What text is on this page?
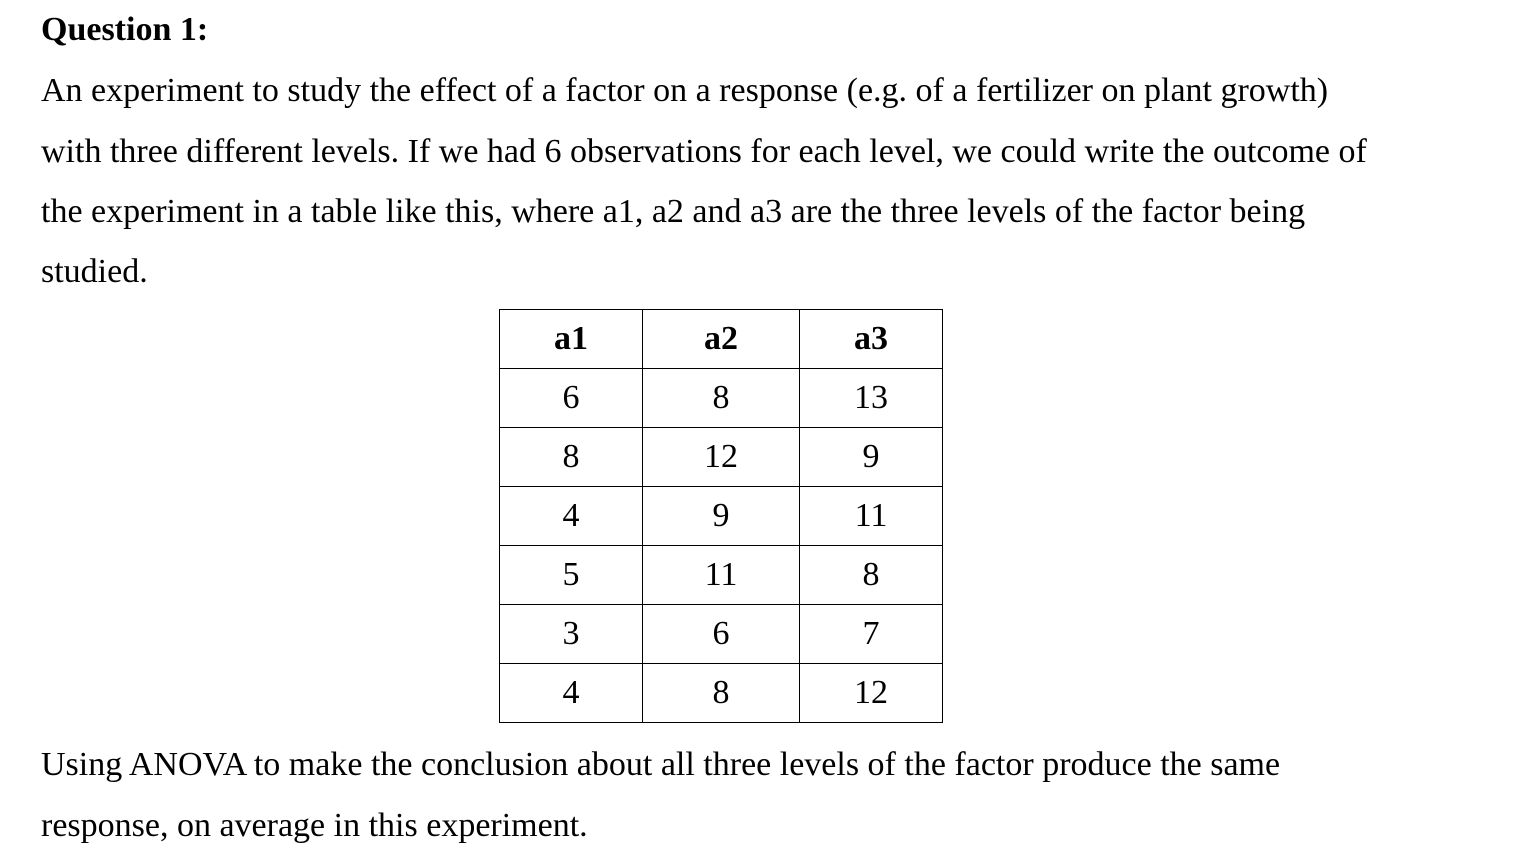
Question 1:

An experiment to study the effect of a factor on a response (e.g. of a fertilizer on plant growth)

with three different levels. If we had 6 observations for each level, we could write the outcome of

the experiment in a table like this, where a1, a2 and a3 are the three levels of the factor being

studied.

a1	a2	a3
6	8	13
8	12	9
4	9	11
5	11	8
3	6	7
4	8	12

Using ANOVA to make the conclusion about all three levels of the factor produce the same

response, on average in this experiment.
